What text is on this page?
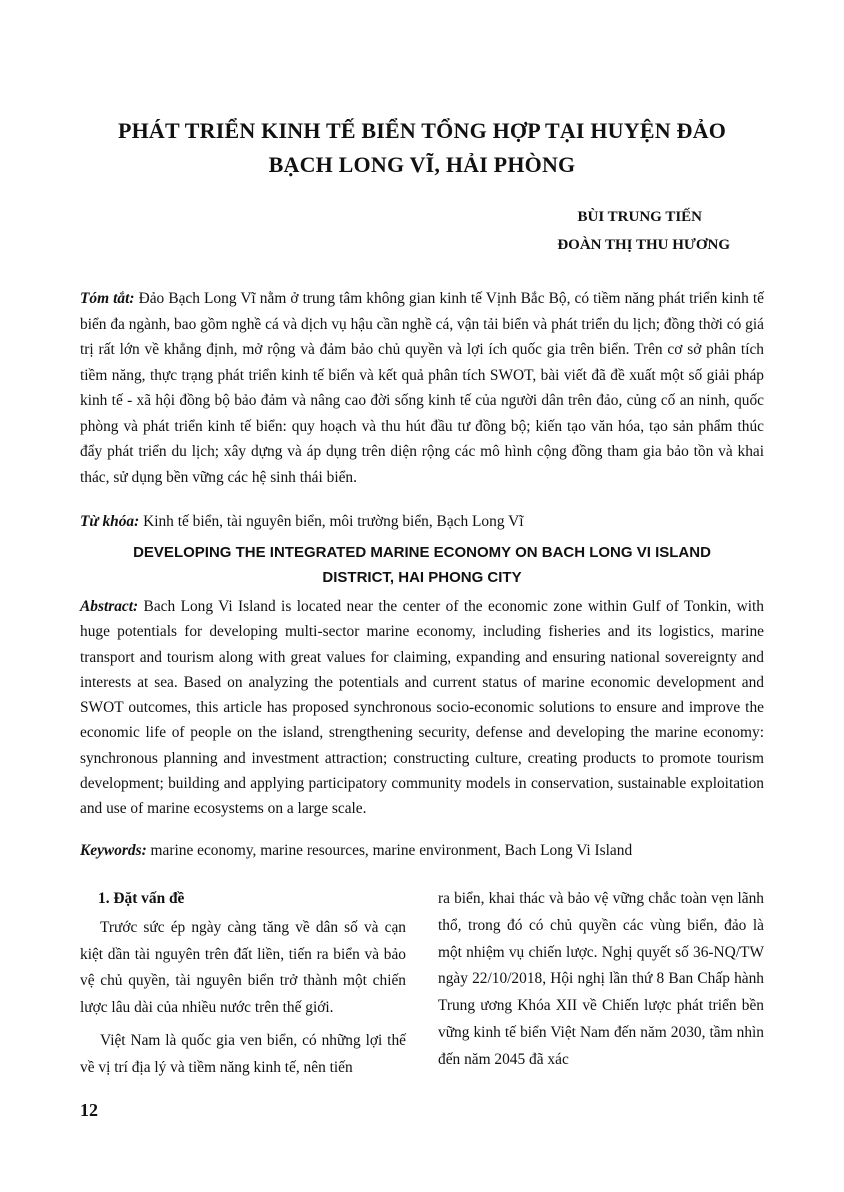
PHÁT TRIỂN KINH TẾ BIỂN TỔNG HỢP TẠI HUYỆN ĐẢO
BẠCH LONG VĨ, HẢI PHÒNG
BÙI TRUNG TIẾN
ĐOÀN THỊ THU HƯƠNG

Tóm tắt: Đảo Bạch Long Vĩ nằm ở trung tâm không gian kinh tế Vịnh Bắc Bộ, có tiềm năng phát triển kinh tế biển đa ngành, bao gồm nghề cá và dịch vụ hậu cần nghề cá, vận tải biển và phát triển du lịch; đồng thời có giá trị rất lớn về khẳng định, mở rộng và đảm bảo chủ quyền và lợi ích quốc gia trên biển. Trên cơ sở phân tích tiềm năng, thực trạng phát triển kinh tế biển và kết quả phân tích SWOT, bài viết đã đề xuất một số giải pháp kinh tế - xã hội đồng bộ bảo đảm và nâng cao đời sống kinh tế của người dân trên đảo, củng cố an ninh, quốc phòng và phát triển kinh tế biển: quy hoạch và thu hút đầu tư đồng bộ; kiến tạo văn hóa, tạo sản phẩm thúc đẩy phát triển du lịch; xây dựng và áp dụng trên diện rộng các mô hình cộng đồng tham gia bảo tồn và khai thác, sử dụng bền vững các hệ sinh thái biển.

Từ khóa: Kinh tế biển, tài nguyên biển, môi trường biển, Bạch Long Vĩ

DEVELOPING THE INTEGRATED MARINE ECONOMY ON BACH LONG VI ISLAND
DISTRICT, HAI PHONG CITY

Abstract: Bach Long Vi Island is located near the center of the economic zone within Gulf of Tonkin, with huge potentials for developing multi-sector marine economy, including fisheries and its logistics, marine transport and tourism along with great values for claiming, expanding and ensuring national sovereignty and interests at sea. Based on analyzing the potentials and current status of marine economic development and SWOT outcomes, this article has proposed synchronous socio-economic solutions to ensure and improve the economic life of people on the island, strengthening security, defense and developing the marine economy: synchronous planning and investment attraction; constructing culture, creating products to promote tourism development; building and applying participatory community models in conservation, sustainable exploitation and use of marine ecosystems on a large scale.

Keywords: marine economy, marine resources, marine environment, Bach Long Vi Island

1. Đặt vấn đề

Trước sức ép ngày càng tăng về dân số và cạn kiệt dần tài nguyên trên đất liền, tiến ra biển và bảo vệ chủ quyền, tài nguyên biển trở thành một chiến lược lâu dài của nhiều nước trên thế giới.

Việt Nam là quốc gia ven biển, có những lợi thế về vị trí địa lý và tiềm năng kinh tế, nên tiến

ra biển, khai thác và bảo vệ vững chắc toàn vẹn lãnh thổ, trong đó có chủ quyền các vùng biển, đảo là một nhiệm vụ chiến lược. Nghị quyết số 36-NQ/TW ngày 22/10/2018, Hội nghị lần thứ 8 Ban Chấp hành Trung ương Khóa XII về Chiến lược phát triển bền vững kinh tế biển Việt Nam đến năm 2030, tầm nhìn đến năm 2045 đã xác

12
